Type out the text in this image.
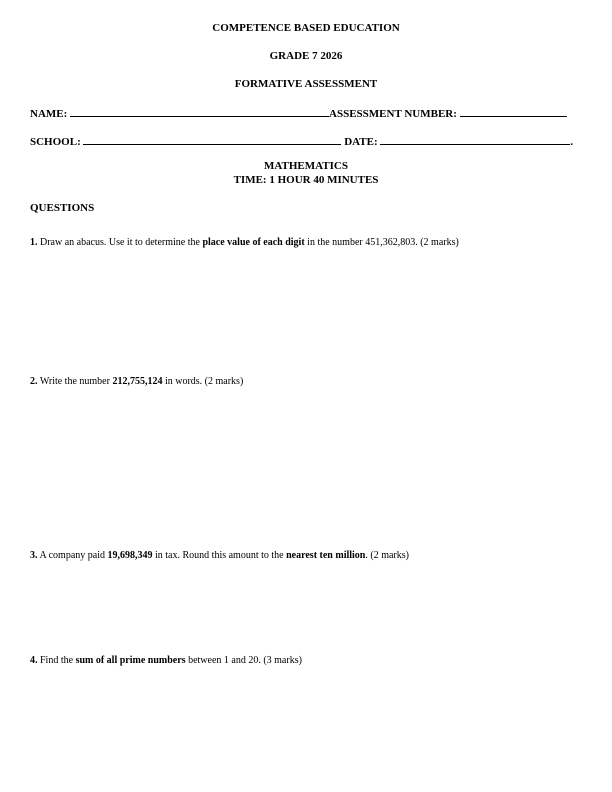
COMPETENCE BASED EDUCATION
GRADE 7 2026
FORMATIVE ASSESSMENT
NAME:	ASSESSMENT NUMBER:
SCHOOL:	DATE:	.
MATHEMATICS
TIME: 1 HOUR 40 MINUTES
QUESTIONS
1. Draw an abacus. Use it to determine the place value of each digit in the number 451,362,803. (2 marks)
2. Write the number 212,755,124 in words. (2 marks)
3. A company paid 19,698,349 in tax. Round this amount to the nearest ten million. (2 marks)
4. Find the sum of all prime numbers between 1 and 20. (3 marks)
